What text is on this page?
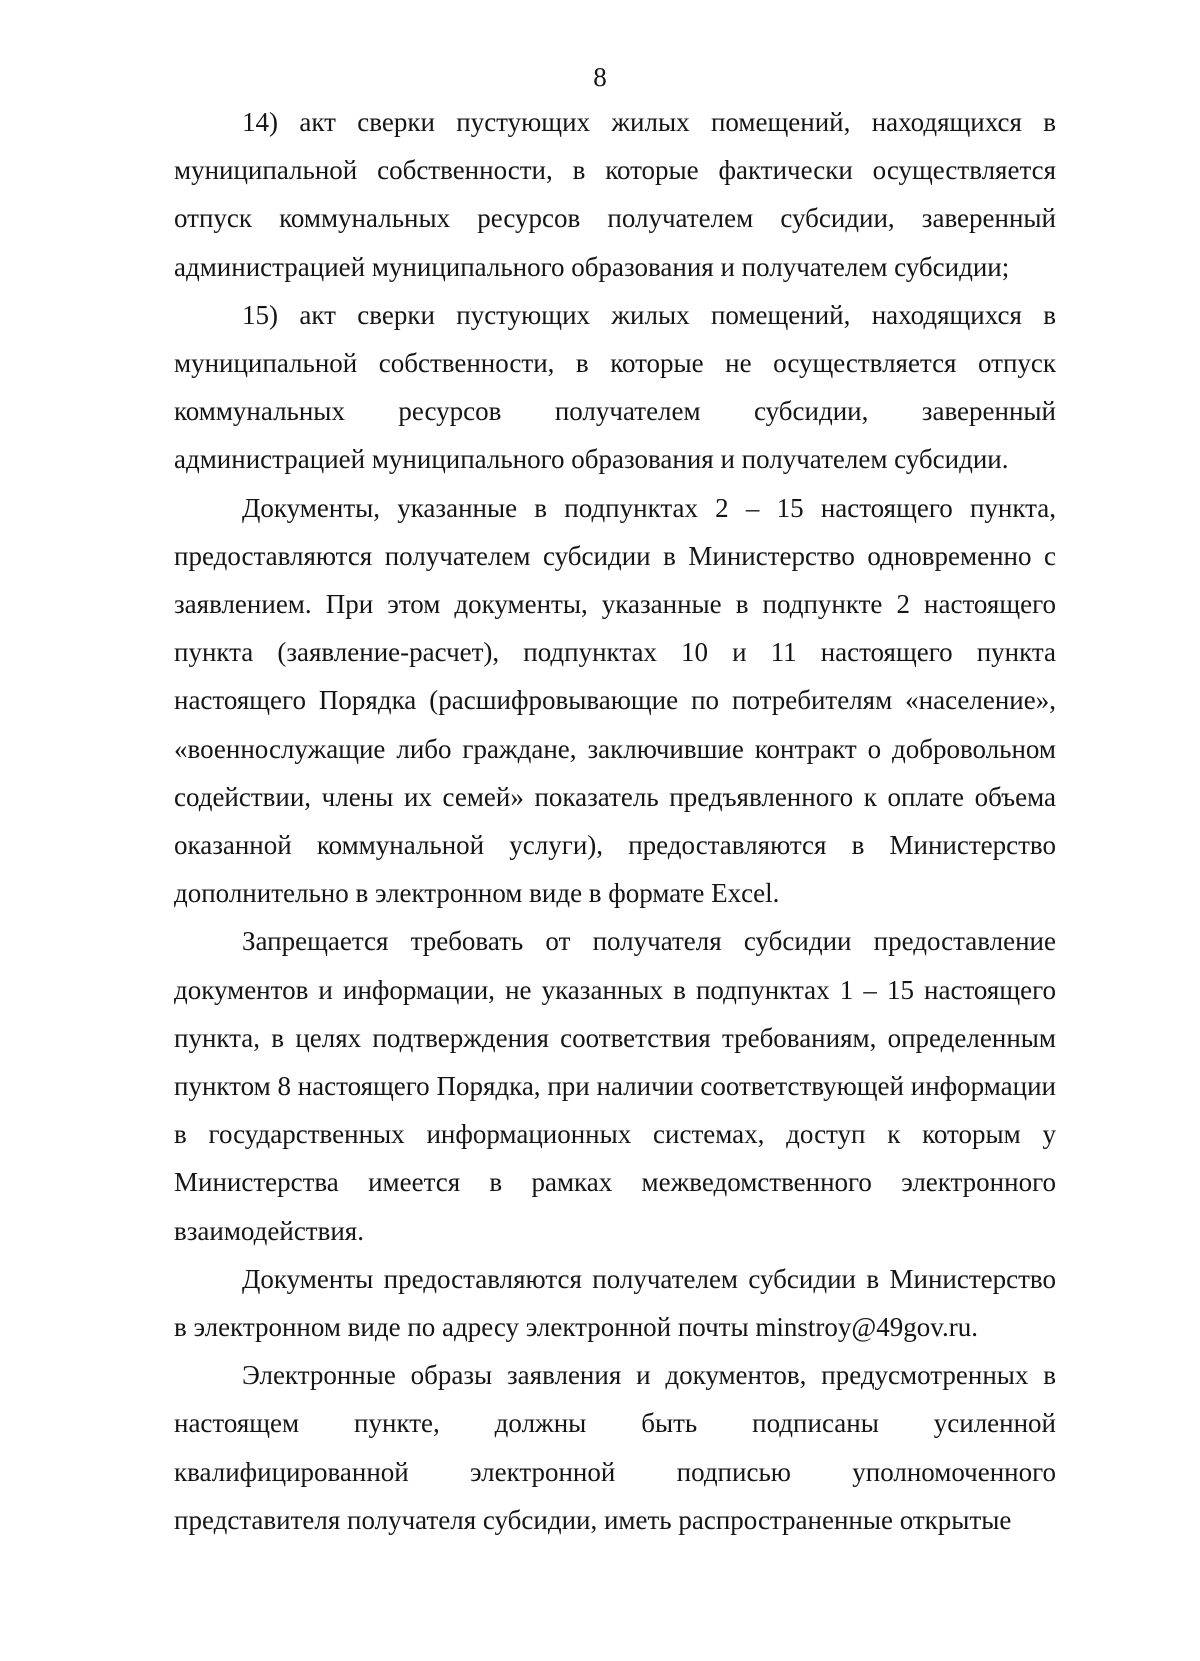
8

14) акт сверки пустующих жилых помещений, находящихся в муниципальной собственности, в которые фактически осуществляется отпуск коммунальных ресурсов получателем субсидии, заверенный администрацией муниципального образования и получателем субсидии;

15) акт сверки пустующих жилых помещений, находящихся в муниципальной собственности, в которые не осуществляется отпуск коммунальных ресурсов получателем субсидии, заверенный администрацией муниципального образования и получателем субсидии.

Документы, указанные в подпунктах 2 – 15 настоящего пункта, предоставляются получателем субсидии в Министерство одновременно с заявлением. При этом документы, указанные в подпункте 2 настоящего пункта (заявление-расчет), подпунктах 10 и 11 настоящего пункта настоящего Порядка (расшифровывающие по потребителям «население», «военнослужащие либо граждане, заключившие контракт о добровольном содействии, члены их семей» показатель предъявленного к оплате объема оказанной коммунальной услуги), предоставляются в Министерство дополнительно в электронном виде в формате Excel.

Запрещается требовать от получателя субсидии предоставление документов и информации, не указанных в подпунктах 1 – 15 настоящего пункта, в целях подтверждения соответствия требованиям, определенным пунктом 8 настоящего Порядка, при наличии соответствующей информации в государственных информационных системах, доступ к которым у Министерства имеется в рамках межведомственного электронного взаимодействия.

Документы предоставляются получателем субсидии в Министерство в электронном виде по адресу электронной почты minstroy@49gov.ru.

Электронные образы заявления и документов, предусмотренных в настоящем пункте, должны быть подписаны усиленной квалифицированной электронной подписью уполномоченного представителя получателя субсидии, иметь распространенные открытые
